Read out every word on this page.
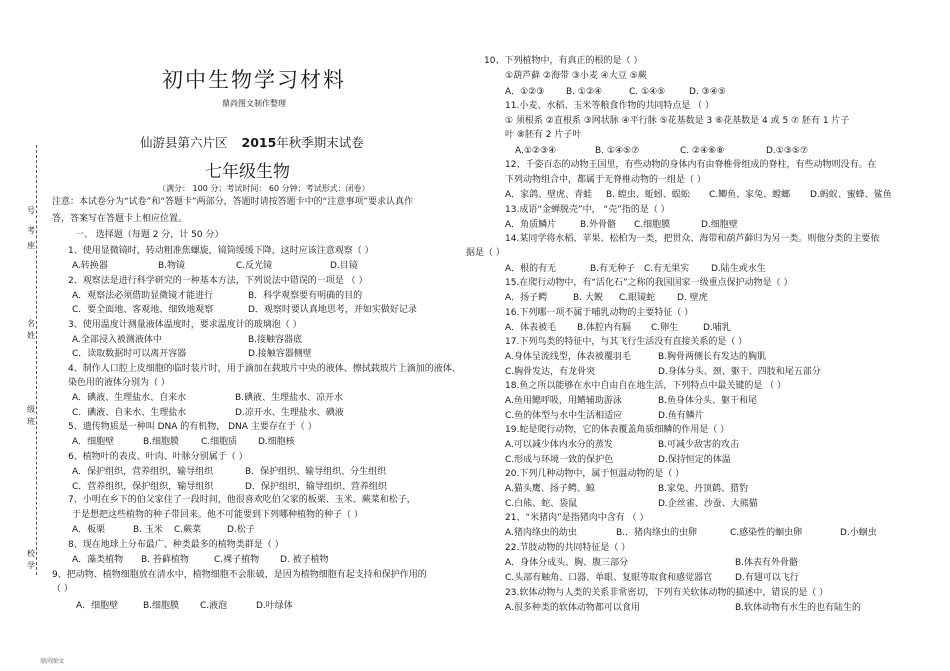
号
考
座
名
姓
级
班
校
学
初中生物学习材料
鼎尚图文制作整理
仙游县第六片区 2015年秋季期末试卷
七年级生物
（满分： 100 分；考试时间： 60 分钟；考试形式：闭卷）
注意：本试卷分为“试卷”和“答题卡”两部分，答题时请按答题卡中的“注意事项”要求认真作
答，答案写在答题卡上相应位置。
一、 选择题（每题 2 分，计 50 分）
1、使用显微镜时，转动粗准焦螺旋，镜筒缓缓下降，这时应该注意观察（ ）
A.转换器	B.物镜	C.反光镜	D.目镜
2、观察法是进行科学研究的一种基本方法，下列说法中错误的一项是 （ ）
A．观察法必须借助显微镜才能进行	B．科学观察要有明确的目的
C．要全面地、客观地、细致地观察	D．观察时要认真地思考，并如实做好记录
3、使用温度计测量液体温度时，要求温度计的玻璃泡（ ）
A.全部浸入被测液体中	B.接触容器底
C．读取数据时可以离开容器	D.接触容器侧壁
4、制作人口腔上皮细胞的临时装片时，用于滴加在载玻片中央的液体、擦拭载玻片上滴加的液体、
染色用的液体分别为（ ）
A．碘液、生理盐水、自来水	B.碘液、生理盐水、凉开水
C．碘液、自来水、生理盐水	D.凉开水、生理盐水、碘液
5、遗传物质是一种叫 DNA 的有机物， DNA 主要存在于（ ）
A．细胞壁	B.细胞膜 C.细胞质 D.细胞核
6、植物叶的表皮、叶肉、叶脉分别属于（ ）
A．保护组织，营养组织，输导组织	B．保护组织、输导组织、分生组织
C．营养组织，保护组织，输导组织	D．保护组织，输导组织、营养组织
7、小明在乡下的伯父家住了一段时间，他很喜欢吃伯父家的板栗、玉米、蕨菜和松子，
于是想把这些植物的种子带回来。他不可能要到下列哪种植物的种子（ ）
A．板栗	B. 玉米 C.蕨菜	D.松子
8、现在地球上分布最广、种类最多的植物类群是（ ）
A．藻类植物 B. 苔藓植物	C.裸子植物 D. 被子植物
9、把动物、植物细胞放在清水中，植物细胞不会胀破，是因为植物细胞有起支持和保护作用的
（ ）
A．细胞壁	B.细胞膜 C.液泡	D.叶绿体
10、下列植物中，有真正的根的是（ ）
①葫芦藓 ②海带 ③小麦 ④大豆 ⑤蕨
A．①②③ B. ①②④	C. ①④⑤	D. ③④⑤
11.小麦、水稻、玉米等粮食作物的共同特点是 （ ）
① 须根系 ②直根系 ③网状脉 ④平行脉 ⑤花基数是 3 ⑥花基数是 4 或 5 ⑦ 胚有 1 片子
叶 ⑧胚有 2 片子叶
A.①②③④	B. ①④⑤⑦	C. ②④⑥⑧	D.①③⑤⑦
12、千姿百态的动物王国里，有些动物的身体内有由脊椎骨组成的脊柱，有些动物则没有。在
下列动物组合中，都属于无脊椎动物的一组是（ ）
A．家鸽、壁虎、青蛙 B. 蝗虫、蚯蚓、蜈蚣 C.鲫鱼、家兔、螳螂 D.蚂蚁、蜜蜂、鲨鱼
13.成语“金蝉脱壳”中， “壳”指的是（ ）
A．角质鳞片	B.外骨骼 C.细胞膜	D.细胞壁
14.某同学将水稻、苹果、松柏为一类，把贯众、海带和葫芦藓归为另一类。则他分类的主要依
据是（ ）
A．根的有无	B.有无种子 C.有无果实 D.陆生或水生
15.在爬行动物中，有“活化石”之称的我国国家一级重点保护动物是（ ）
A．扬子鳄	B. 大鲵 C.眼镜蛇 D. 壁虎
16.下列哪一项不属于哺乳动物的主要特征（ ）
A．体表被毛 B.体腔内有膈 C.卵生	D.哺乳
17.下列鸟类的特征中，与其飞行生活没有直接关系的是（ ）
A.身体呈流线型，体表被覆羽毛	B.胸骨两侧长有发达的胸肌
C.胸骨发达，有龙骨突	D.身体分头、颈、躯干、四肢和尾五部分
18.鱼之所以能够在水中自由自在地生活，下列特点中最关键的是 （ ）
A.鱼用鳃呼吸，用鳍辅助游泳	B.鱼身体分头、躯干和尾
C.鱼的体型与水中生活相适应	D.鱼有鳞片
19.蛇是爬行动物，它的体表覆盖角质细鳞的作用是（ ）
A.可以减少体内水分的蒸发	B.可减少敌害的攻击
C.形成与环境一致的保护色	D.保持恒定的体温
20.下列几种动物中，属于恒温动物的是（ ）
A.猫头鹰、扬子鳄、鲸	B.家兔、丹顶鹤、猎豹
C.白熊、蛇、袋鼠	D.企丝雀、沙蚕、大熊猫
21、“米猪肉”是指猪肉中含有 （ ）
A.猪肉绦虫的幼虫	B.．猪肉绦虫的虫卵	C.感染性的蛔虫卵	D.小蛔虫
22.节肢动物的共同特征是（ ）
A．身体分成头、胸、腹三部分	B.体表有外骨骼
C.头部有触角、口器、单眼、复眼等取食和感觉器官	D.有翅可以飞行
23.软体动物与人类的关系非常密切，下列有关软体动物的描述中，错误的是（ ）
A.很多种类的软体动物都可以食用	B.软体动物有水生的也有陆生的
鼎尚图文
